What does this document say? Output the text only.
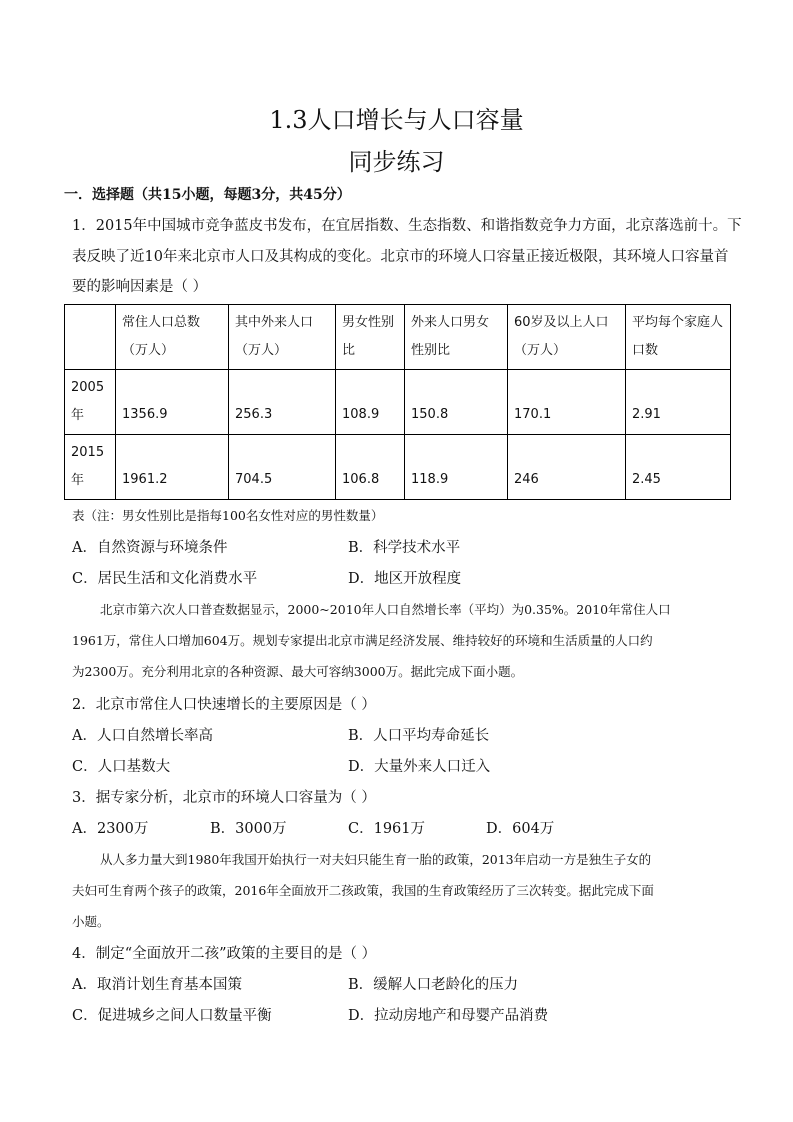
1.3人口增长与人口容量
同步练习
一．选择题（共15小题，每题3分，共45分）
1．2015年中国城市竞争蓝皮书发布，在宜居指数、生态指数、和谐指数竞争力方面，北京落选前十。下
表反映了近10年来北京市人口及其构成的变化。北京市的环境人口容量正接近极限，其环境人口容量首
要的影响因素是（ ）
	常住人口总数（万人）	其中外来人口（万人）	男女性别比	外来人口男女性别比	60岁及以上人口（万人）	平均每个家庭人口数
2005年	1356.9	256.3	108.9	150.8	170.1	2.91
2015年	1961.2	704.5	106.8	118.9	246	2.45
表（注：男女性别比是指每100名女性对应的男性数量）
A．自然资源与环境条件	B．科学技术水平
C．居民生活和文化消费水平	D．地区开放程度
北京市第六次人口普查数据显示，2000~2010年人口自然增长率（平均）为0.35%。2010年常住人口
1961万，常住人口增加604万。规划专家提出北京市满足经济发展、维持较好的环境和生活质量的人口约
为2300万。充分利用北京的各种资源、最大可容纳3000万。据此完成下面小题。
2．北京市常住人口快速增长的主要原因是（ ）
A．人口自然增长率高	B．人口平均寿命延长
C．人口基数大	D．大量外来人口迁入
3．据专家分析，北京市的环境人口容量为（ ）
A．2300万	B．3000万	C．1961万	D．604万
从人多力量大到1980年我国开始执行一对夫妇只能生育一胎的政策，2013年启动一方是独生子女的
夫妇可生育两个孩子的政策，2016年全面放开二孩政策，我国的生育政策经历了三次转变。据此完成下面
小题。
4．制定“全面放开二孩”政策的主要目的是（ ）
A．取消计划生育基本国策	B．缓解人口老龄化的压力
C．促进城乡之间人口数量平衡	D．拉动房地产和母婴产品消费
